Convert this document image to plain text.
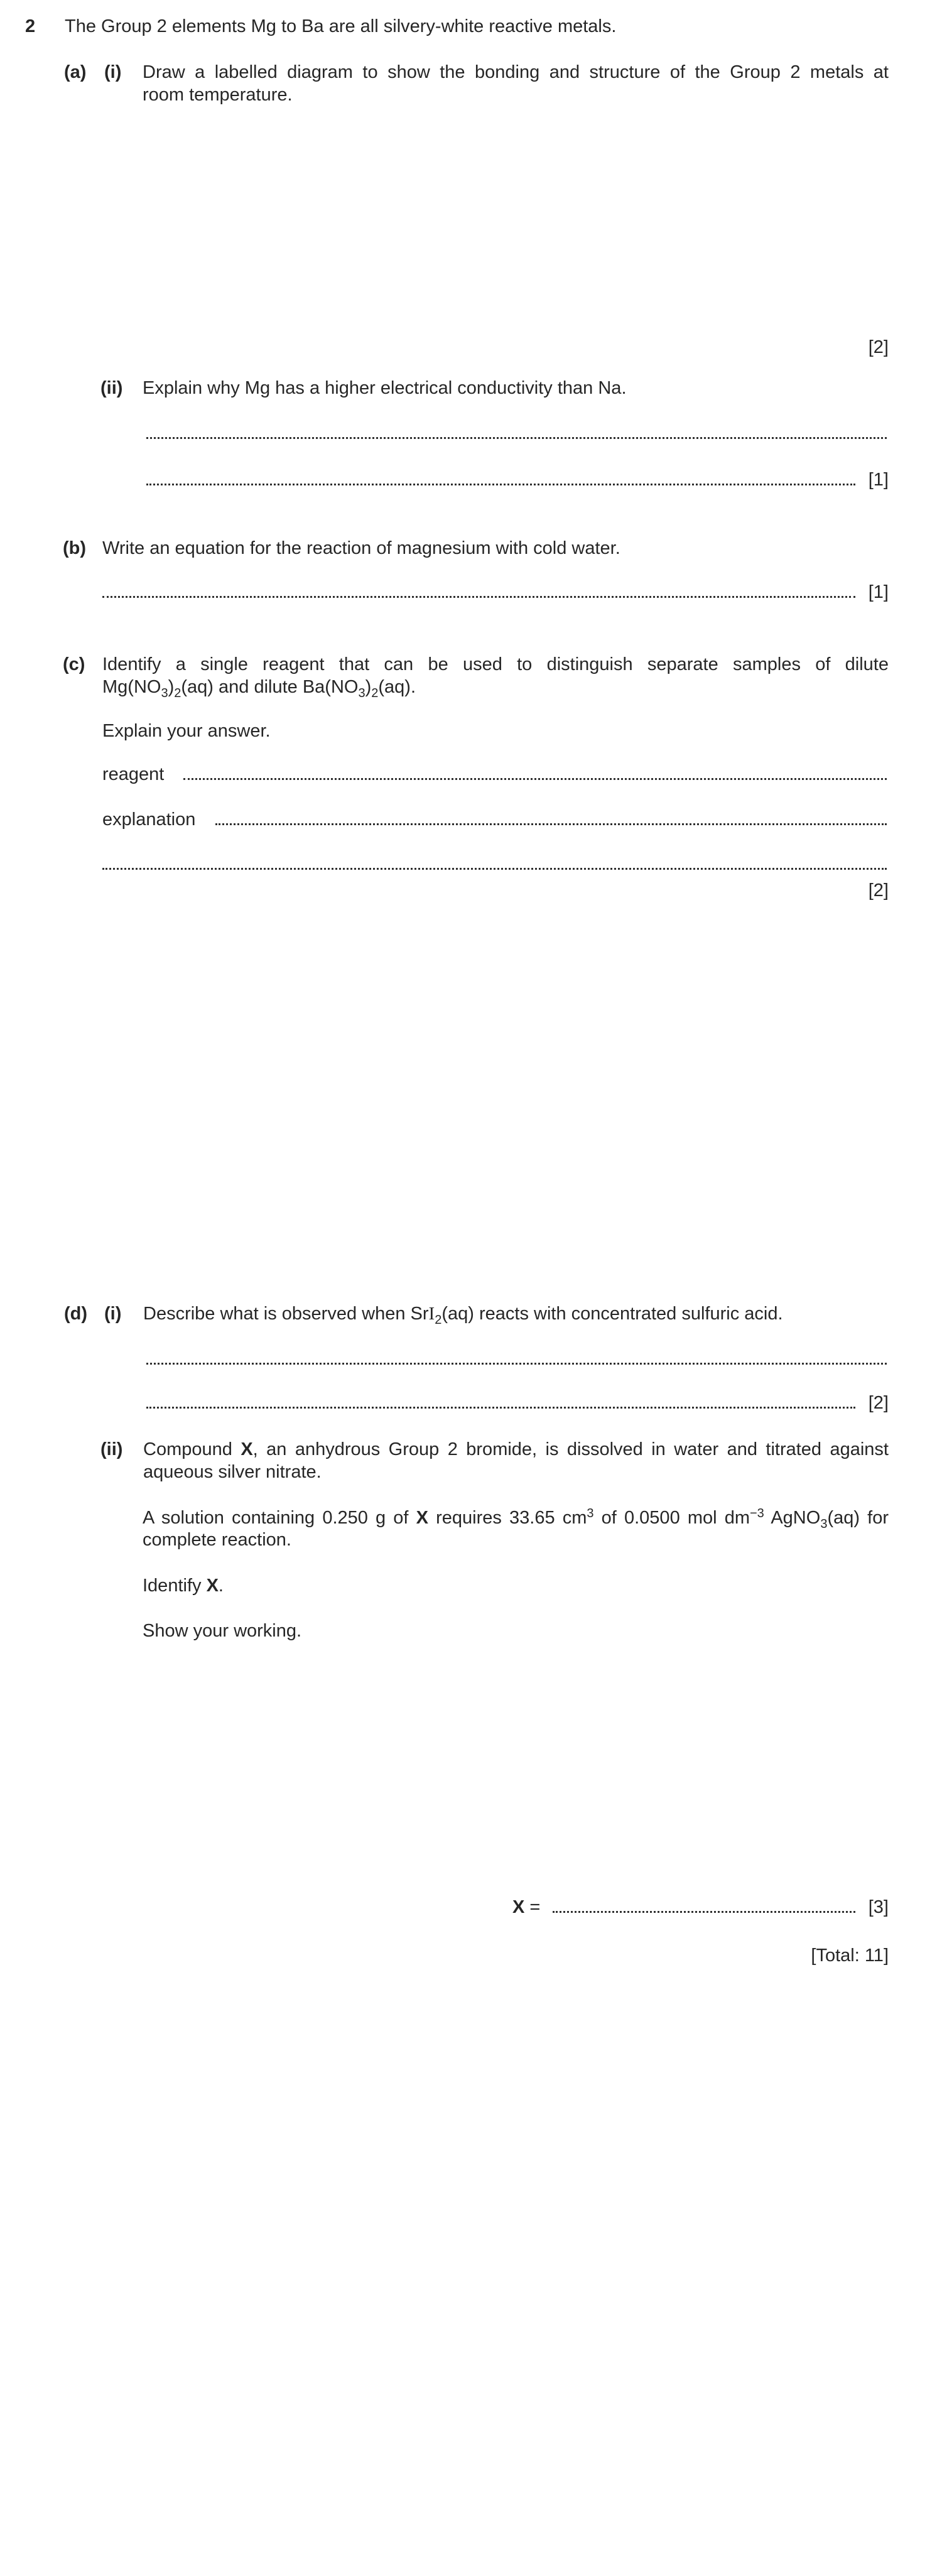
2 The Group 2 elements Mg to Ba are all silvery-white reactive metals.
(a) (i) Draw a labelled diagram to show the bonding and structure of the Group 2 metals at
room temperature.
[2]
(ii) Explain why Mg has a higher electrical conductivity than Na.
[1]
(b) Write an equation for the reaction of magnesium with cold water.
[1]
(c) Identify a single reagent that can be used to distinguish separate samples of dilute
$Mg(NO_3)_2(aq)$ and dilute $Ba(NO_3)_2(aq)$.
Explain your answer.
reagent
explanation
[2]
(d) (i) Describe what is observed when SrI$_2$(aq) reacts with concentrated sulfuric acid.
[2]
(ii) Compound X, an anhydrous Group 2 bromide, is dissolved in water and titrated against
aqueous silver nitrate.
A solution containing 0.250 g of X requires 33.65 $cm^3$ of 0.0500 mol $dm^{-3}$ AgNO$_3$(aq) for
complete reaction.
Identify X.
Show your working.
X =	[3]
[Total: 11]
